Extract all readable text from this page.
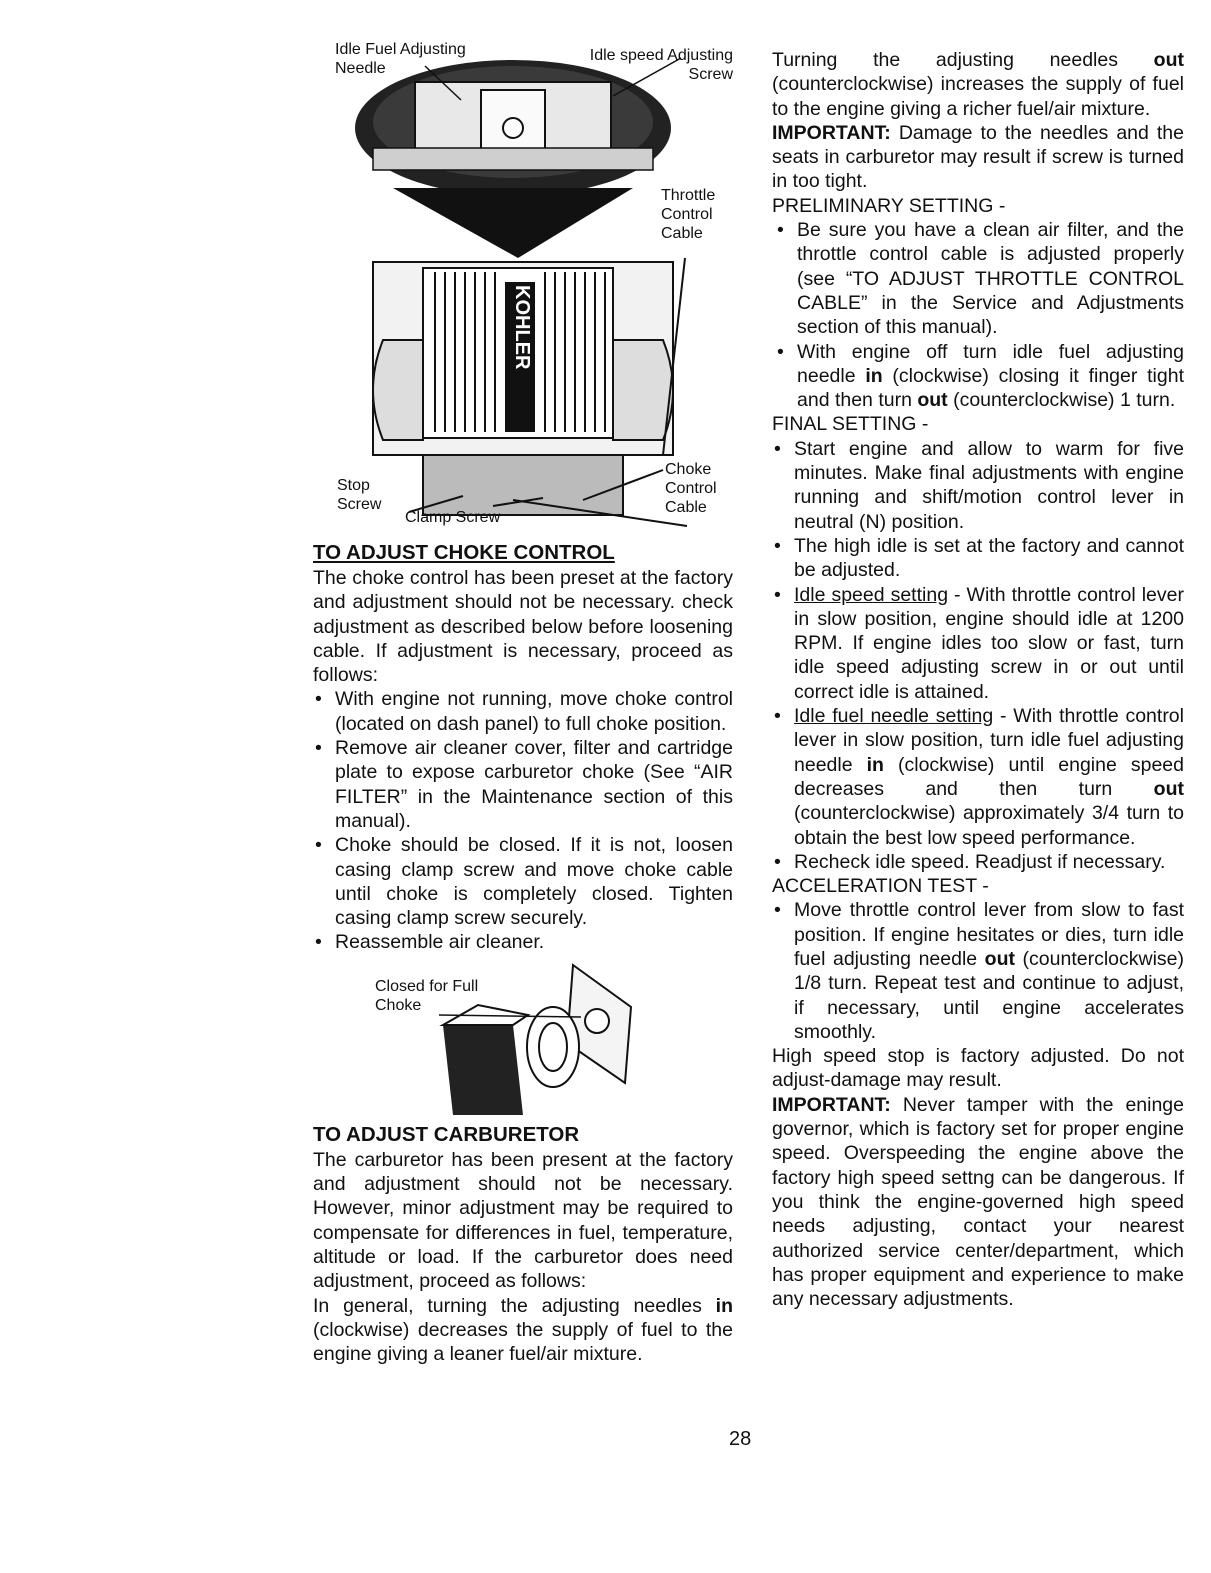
KOHLER
Idle Fuel Adjusting
Needle
Idle speed Adjusting
Screw
Throttle
Control
Cable
Stop
Screw
Clamp Screw
Choke
Control
Cable
TO ADJUST CHOKE CONTROL

The choke control has been preset at the factory and adjustment should not be necessary. check adjustment as described below before loosening cable. If adjustment is necessary, proceed as follows:

• With engine not running, move choke control (located on dash panel) to full choke position.
• Remove air cleaner cover, filter and cartridge plate to expose carburetor choke (See “AIR FILTER” in the Maintenance section of this manual).
• Choke should be closed. If it is not, loosen casing clamp screw and move choke cable until choke is completely closed. Tighten casing clamp screw securely.
• Reassemble air cleaner.
Closed for Full
Choke
TO ADJUST CARBURETOR

The carburetor has been present at the factory and adjustment should not be necessary. However, minor adjustment may be required to compensate for differences in fuel, temperature, altitude or load. If the carburetor does need adjustment, proceed as follows:

In general, turning the adjusting needles in (clockwise) decreases the supply of fuel to the engine giving a leaner fuel/air mixture.

Turning the adjusting needles out (counterclockwise) increases the supply of fuel to the engine giving a richer fuel/air mixture.

IMPORTANT: Damage to the needles and the seats in carburetor may result if screw is turned in too tight.

PRELIMINARY SETTING -
• Be sure you have a clean air filter, and the throttle control cable is adjusted properly (see “TO ADJUST THROTTLE CONTROL CABLE” in the Service and Adjustments section of this manual).
• With engine off turn idle fuel adjusting needle in (clockwise) closing it finger tight and then turn out (counterclockwise) 1 turn.
FINAL SETTING -
• Start engine and allow to warm for five minutes. Make final adjustments with engine running and shift/motion control lever in neutral (N) position.
• The high idle is set at the factory and cannot be adjusted.
• Idle speed setting - With throttle control lever in slow position, engine should idle at 1200 RPM. If engine idles too slow or fast, turn idle speed adjusting screw in or out until correct idle is attained.
• Idle fuel needle setting - With throttle control lever in slow position, turn idle fuel adjusting needle in (clockwise) until engine speed decreases and then turn out (counterclockwise) approximately 3/4 turn to obtain the best low speed performance.
• Recheck idle speed. Readjust if necessary.
ACCELERATION TEST -
• Move throttle control lever from slow to fast position. If engine hesitates or dies, turn idle fuel adjusting needle out (counterclockwise) 1/8 turn. Repeat test and continue to adjust, if necessary, until engine accelerates smoothly.

High speed stop is factory adjusted. Do not adjust-damage may result.

IMPORTANT: Never tamper with the eninge governor, which is factory set for proper engine speed. Overspeeding the engine above the factory high speed settng can be dangerous. If you think the engine-governed high speed needs adjusting, contact your nearest authorized service center/department, which has proper equipment and experience to make any necessary adjustments.

28
